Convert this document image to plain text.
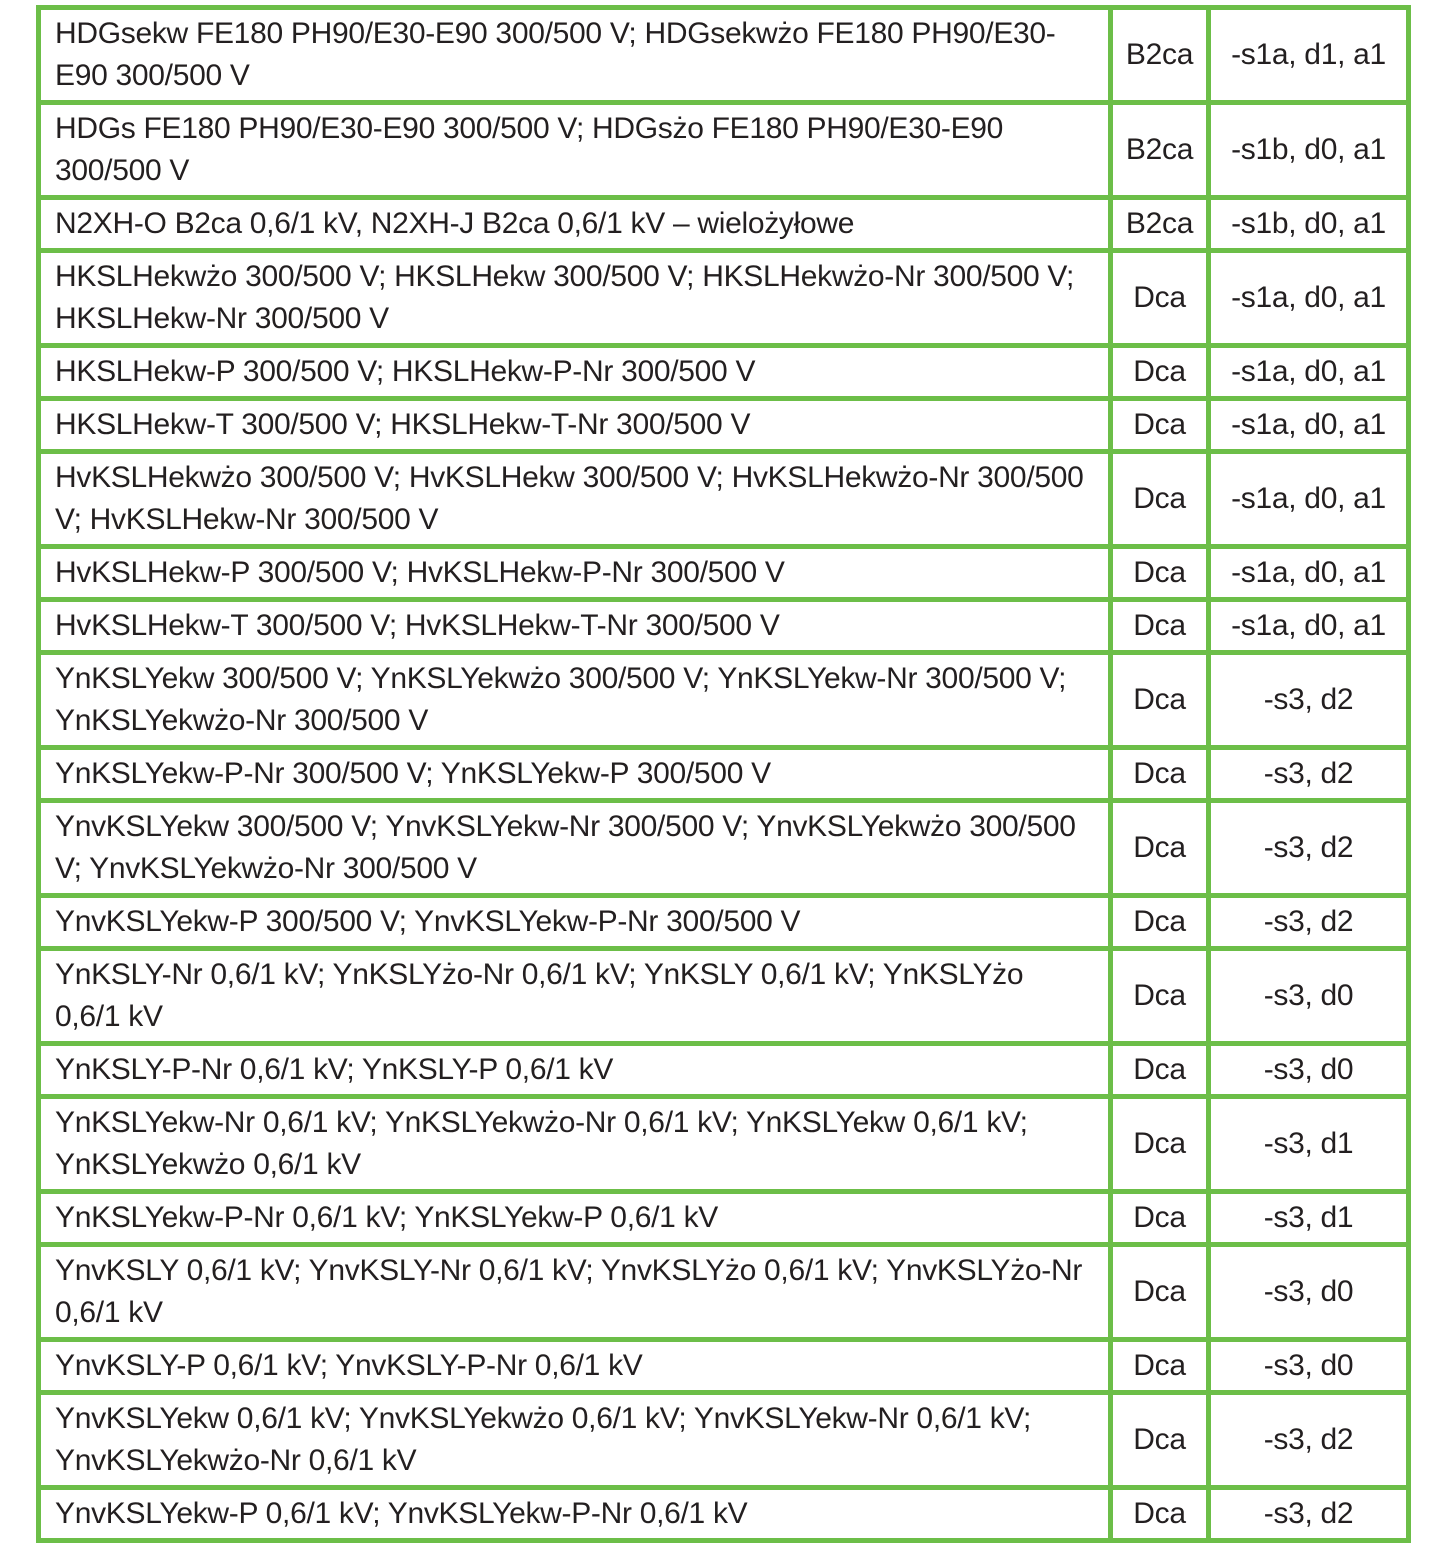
HDGsekw FE180 PH90/E30-E90 300/500 V; HDGsekwżo FE180 PH90/E30-E90 300/500 V	B2ca	-s1a, d1, a1
HDGs FE180 PH90/E30-E90 300/500 V; HDGsżo FE180 PH90/E30-E90 300/500 V	B2ca	-s1b, d0, a1
N2XH-O B2ca 0,6/1 kV, N2XH-J B2ca 0,6/1 kV – wielożyłowe	B2ca	-s1b, d0, a1
HKSLHekwżo 300/500 V; HKSLHekw 300/500 V; HKSLHekwżo-Nr 300/500 V; HKSLHekw-Nr 300/500 V	Dca	-s1a, d0, a1
HKSLHekw-P 300/500 V; HKSLHekw-P-Nr 300/500 V	Dca	-s1a, d0, a1
HKSLHekw-T 300/500 V; HKSLHekw-T-Nr 300/500 V	Dca	-s1a, d0, a1
HvKSLHekwżo 300/500 V; HvKSLHekw 300/500 V; HvKSLHekwżo-Nr 300/500 V; HvKSLHekw-Nr 300/500 V	Dca	-s1a, d0, a1
HvKSLHekw-P 300/500 V; HvKSLHekw-P-Nr 300/500 V	Dca	-s1a, d0, a1
HvKSLHekw-T 300/500 V; HvKSLHekw-T-Nr 300/500 V	Dca	-s1a, d0, a1
YnKSLYekw 300/500 V; YnKSLYekwżo 300/500 V; YnKSLYekw-Nr 300/500 V; YnKSLYekwżo-Nr 300/500 V	Dca	-s3, d2
YnKSLYekw-P-Nr 300/500 V; YnKSLYekw-P 300/500 V	Dca	-s3, d2
YnvKSLYekw 300/500 V; YnvKSLYekw-Nr 300/500 V; YnvKSLYekwżo 300/500 V; YnvKSLYekwżo-Nr 300/500 V	Dca	-s3, d2
YnvKSLYekw-P 300/500 V; YnvKSLYekw-P-Nr 300/500 V	Dca	-s3, d2
YnKSLY-Nr 0,6/1 kV; YnKSLYżo-Nr 0,6/1 kV; YnKSLY 0,6/1 kV; YnKSLYżo 0,6/1 kV	Dca	-s3, d0
YnKSLY-P-Nr 0,6/1 kV; YnKSLY-P 0,6/1 kV	Dca	-s3, d0
YnKSLYekw-Nr 0,6/1 kV; YnKSLYekwżo-Nr 0,6/1 kV; YnKSLYekw 0,6/1 kV; YnKSLYekwżo 0,6/1 kV	Dca	-s3, d1
YnKSLYekw-P-Nr 0,6/1 kV; YnKSLYekw-P 0,6/1 kV	Dca	-s3, d1
YnvKSLY 0,6/1 kV; YnvKSLY-Nr 0,6/1 kV; YnvKSLYżo 0,6/1 kV; YnvKSLYżo-Nr 0,6/1 kV	Dca	-s3, d0
YnvKSLY-P 0,6/1 kV; YnvKSLY-P-Nr 0,6/1 kV	Dca	-s3, d0
YnvKSLYekw 0,6/1 kV; YnvKSLYekwżo 0,6/1 kV; YnvKSLYekw-Nr 0,6/1 kV; YnvKSLYekwżo-Nr 0,6/1 kV	Dca	-s3, d2
YnvKSLYekw-P 0,6/1 kV; YnvKSLYekw-P-Nr 0,6/1 kV	Dca	-s3, d2
